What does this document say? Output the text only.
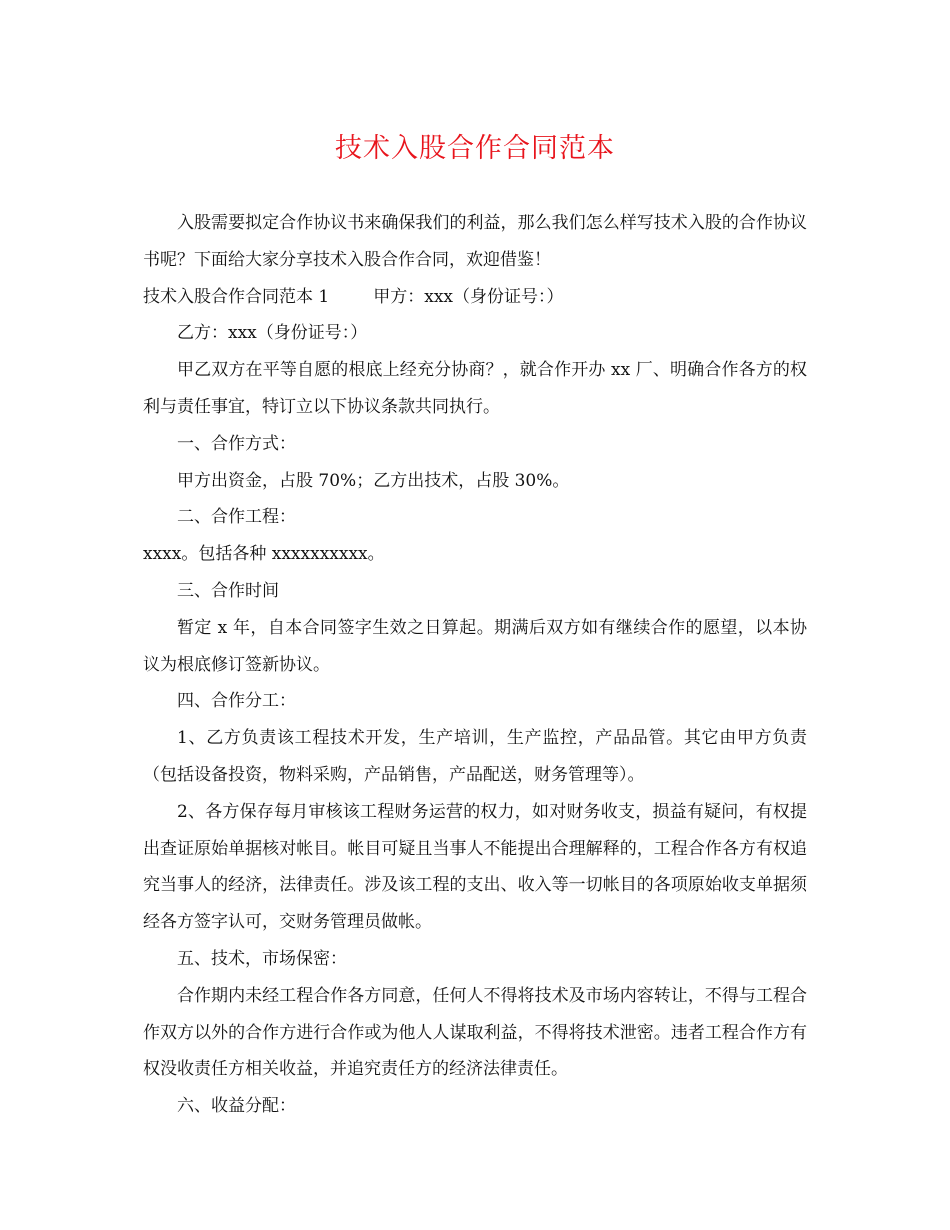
技术入股合作合同范本

入股需要拟定合作协议书来确保我们的利益，那么我们怎么样写技术入股的合作协议书呢？下面给大家分享技术入股合作合同，欢迎借鉴！

技术入股合作合同范本 1	甲方：xxx（身份证号：）

乙方：xxx（身份证号：）

甲乙双方在平等自愿的根底上经充分协商？，就合作开办 xx 厂、明确合作各方的权利与责任事宜，特订立以下协议条款共同执行。

一、合作方式：

甲方出资金，占股 70%；乙方出技术，占股 30%。

二、合作工程：

xxxx。包括各种 xxxxxxxxxx。

三、合作时间

暂定 x 年，自本合同签字生效之日算起。期满后双方如有继续合作的愿望，以本协议为根底修订签新协议。

四、合作分工：

1、乙方负责该工程技术开发，生产培训，生产监控，产品品管。其它由甲方负责（包括设备投资，物料采购，产品销售，产品配送，财务管理等）。

2、各方保存每月审核该工程财务运营的权力，如对财务收支，损益有疑问，有权提出查证原始单据核对帐目。帐目可疑且当事人不能提出合理解释的，工程合作各方有权追究当事人的经济，法律责任。涉及该工程的支出、收入等一切帐目的各项原始收支单据须经各方签字认可，交财务管理员做帐。

五、技术，市场保密：

合作期内未经工程合作各方同意，任何人不得将技术及市场内容转让，不得与工程合作双方以外的合作方进行合作或为他人人谋取利益，不得将技术泄密。违者工程合作方有权没收责任方相关收益，并追究责任方的经济法律责任。

六、收益分配：
